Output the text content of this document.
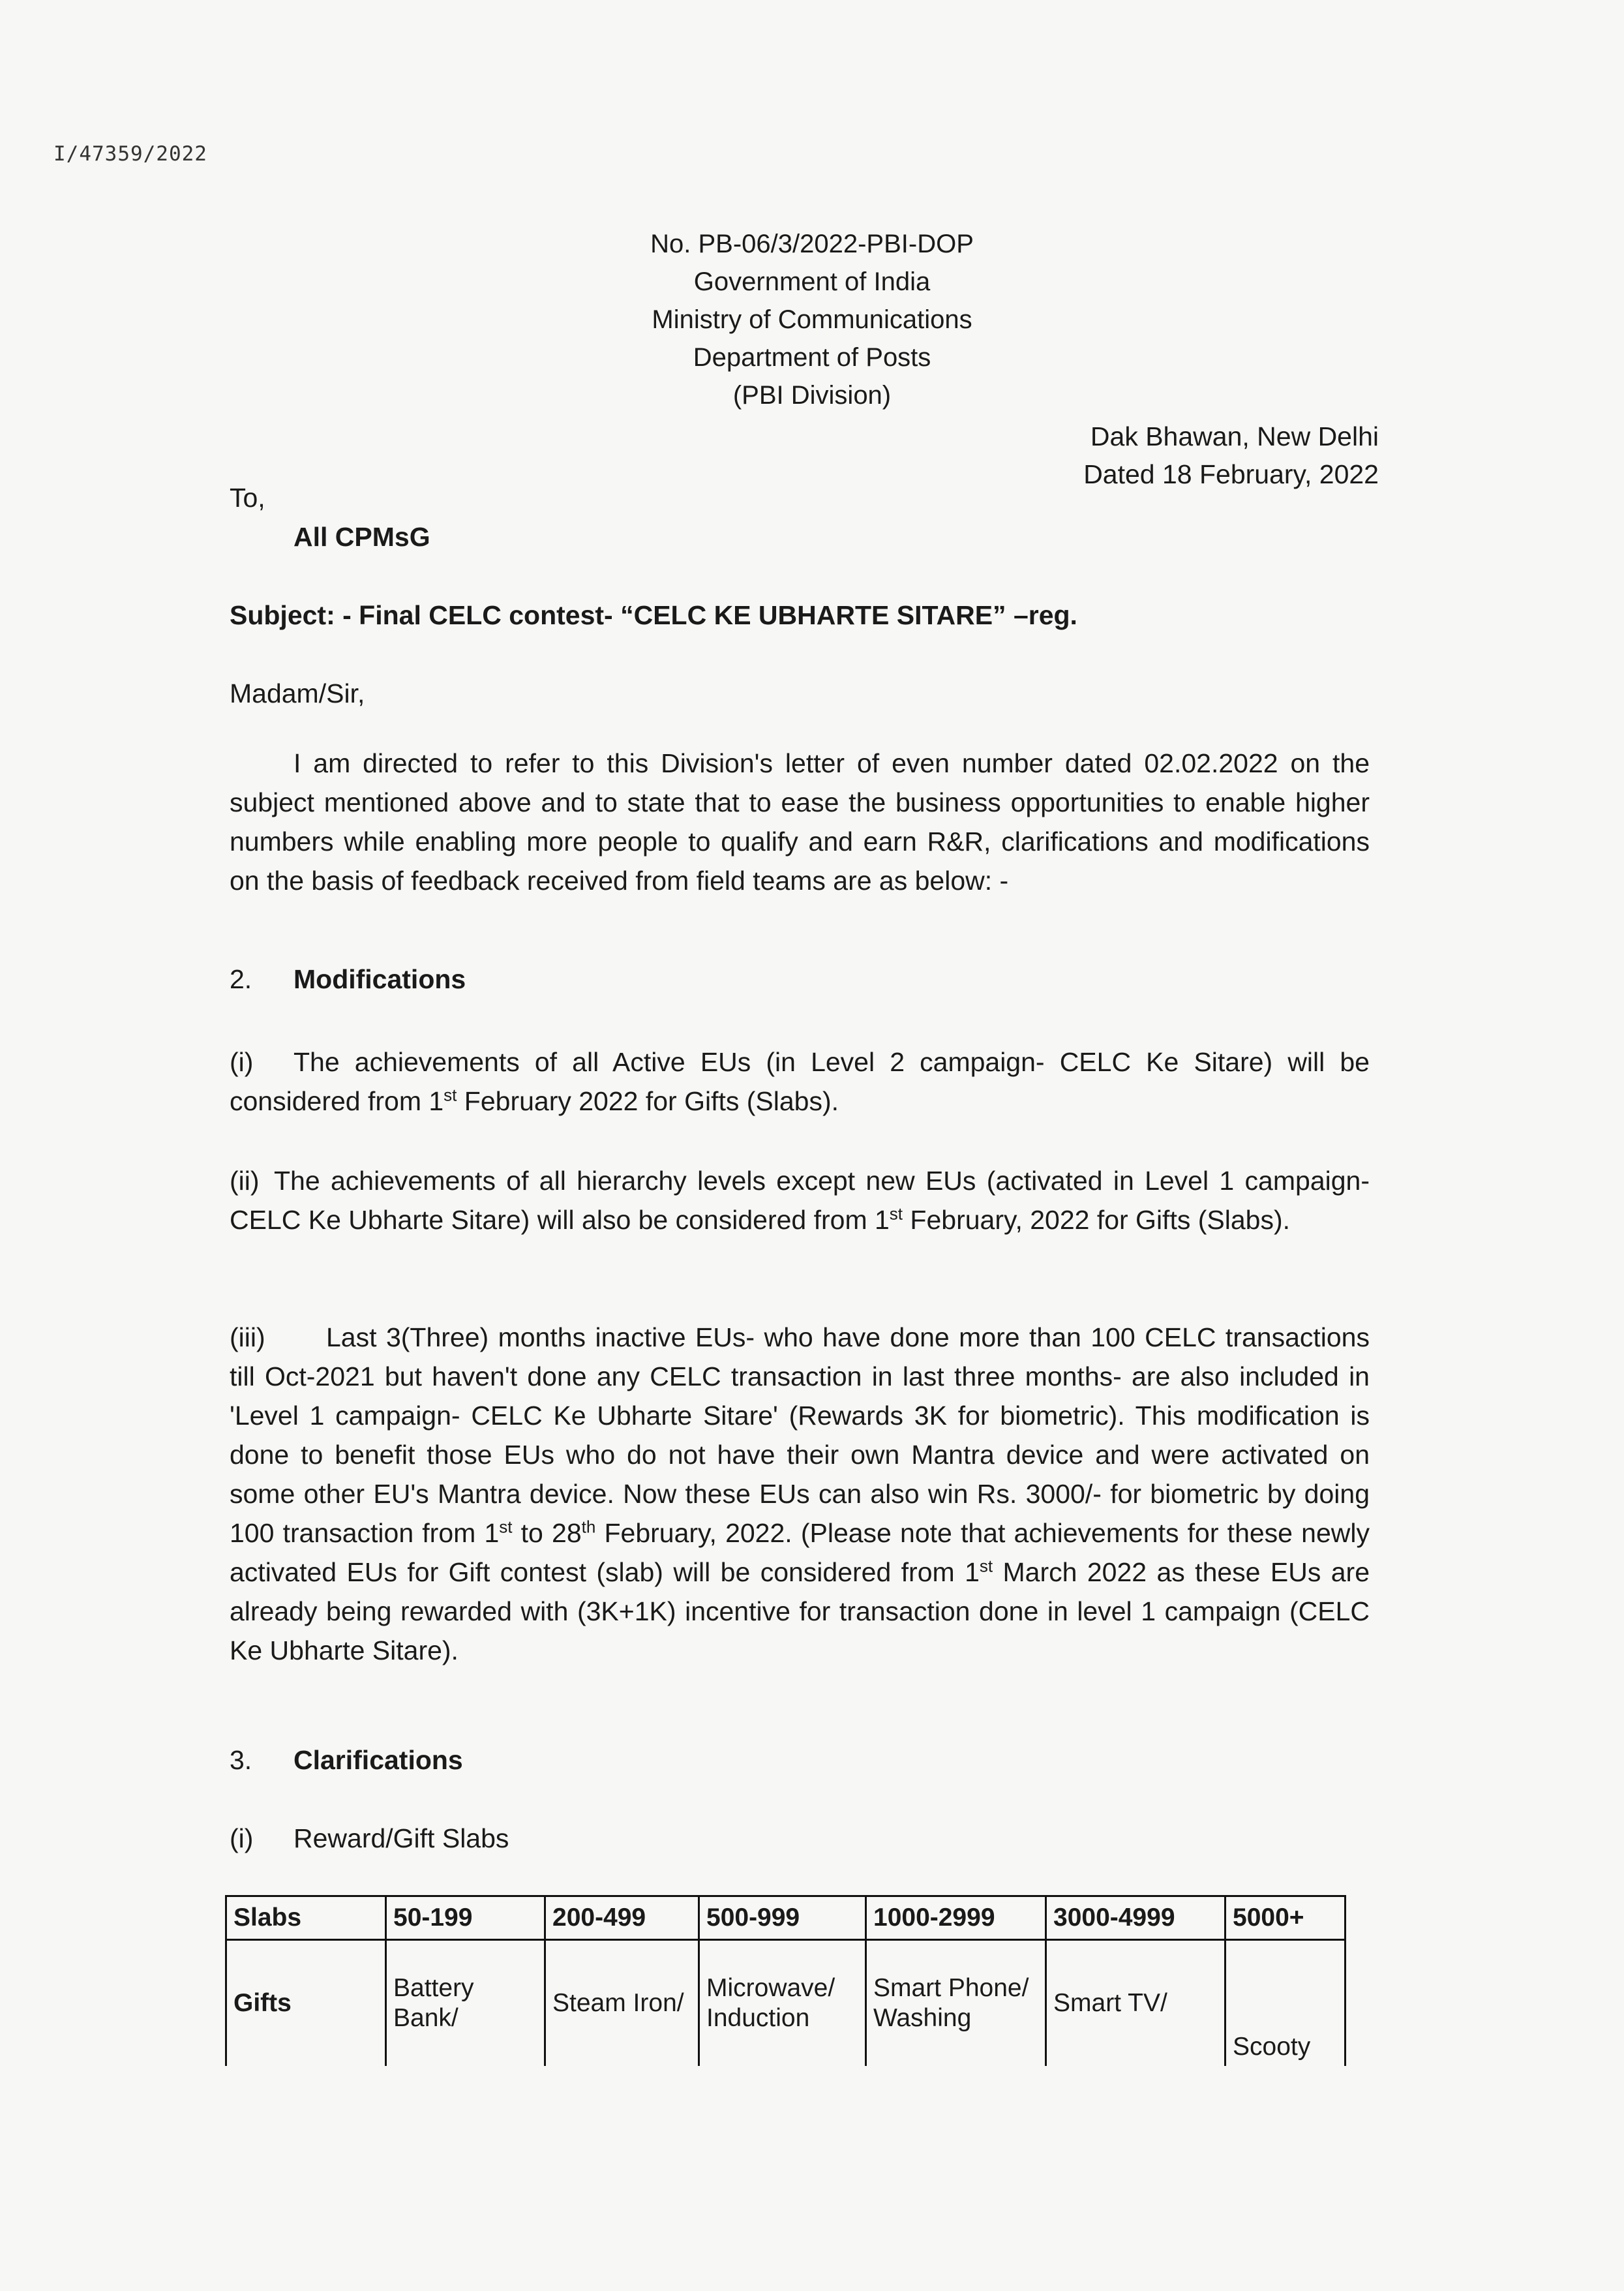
I/47359/2022
No. PB-06/3/2022-PBI-DOP
Government of India
Ministry of Communications
Department of Posts
(PBI Division)
Dak Bhawan, New Delhi
Dated 18 February, 2022
To,
All CPMsG
Subject: - Final CELC contest- “CELC KE UBHARTE SITARE” –reg.
Madam/Sir,
I am directed to refer to this Division's letter of even number dated 02.02.2022 on the subject mentioned above and to state that to ease the business opportunities to enable higher numbers while enabling more people to qualify and earn R&R, clarifications and modifications on the basis of feedback received from field teams are as below: -
2. Modifications
(i) The achievements of all Active EUs (in Level 2 campaign- CELC Ke Sitare) will be considered from 1st February 2022 for Gifts (Slabs).
(ii) The achievements of all hierarchy levels except new EUs (activated in Level 1 campaign- CELC Ke Ubharte Sitare) will also be considered from 1st February, 2022 for Gifts (Slabs).
(iii) Last 3(Three) months inactive EUs- who have done more than 100 CELC transactions till Oct-2021 but haven't done any CELC transaction in last three months- are also included in 'Level 1 campaign- CELC Ke Ubharte Sitare' (Rewards 3K for biometric). This modification is done to benefit those EUs who do not have their own Mantra device and were activated on some other EU's Mantra device. Now these EUs can also win Rs. 3000/- for biometric by doing 100 transaction from 1st to 28th February, 2022. (Please note that achievements for these newly activated EUs for Gift contest (slab) will be considered from 1st March 2022 as these EUs are already being rewarded with (3K+1K) incentive for transaction done in level 1 campaign (CELC Ke Ubharte Sitare).
3. Clarifications
(i) Reward/Gift Slabs
Slabs	50-199	200-499	500-999	1000-2999	3000-4999	5000+
Gifts	Battery Bank/	Steam Iron/	Microwave/ Induction	Smart Phone/ Washing	Smart TV/	Scooty
